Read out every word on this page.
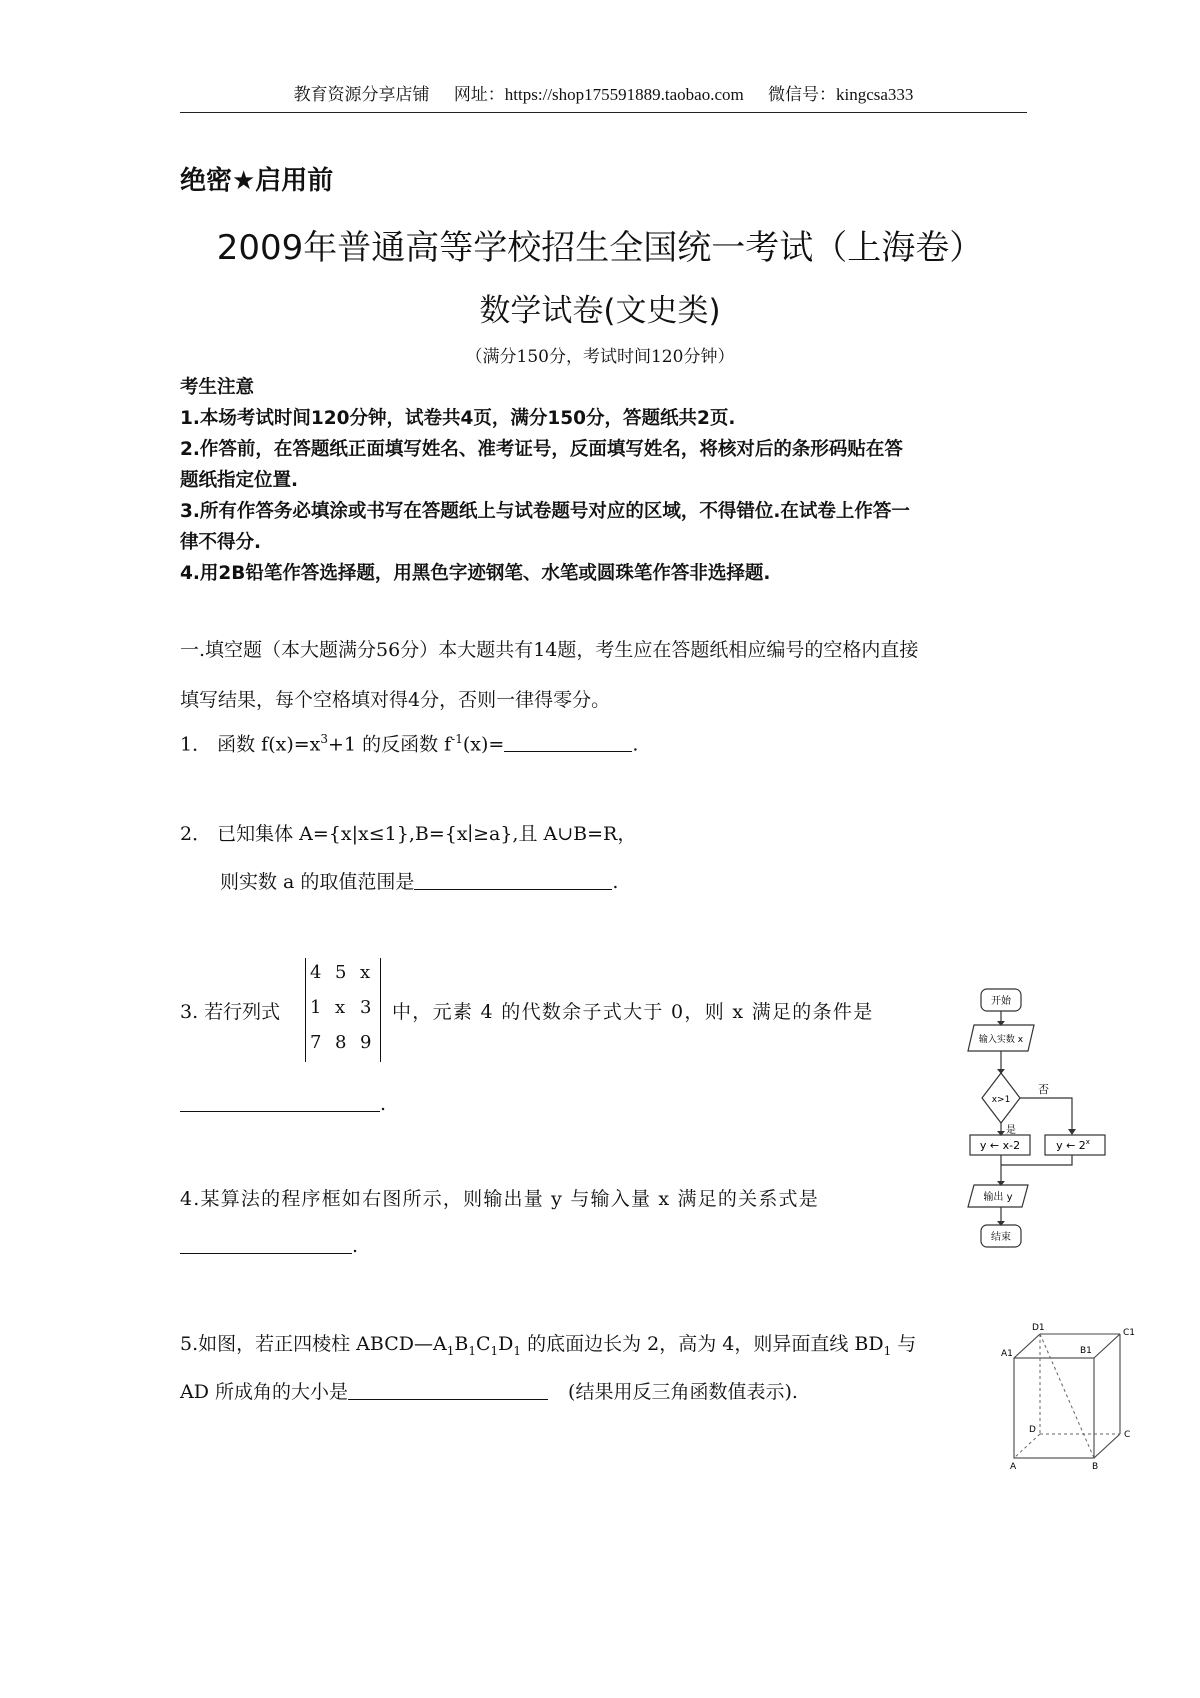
教育资源分享店铺 网址：https://shop175591889.taobao.com 微信号：kingcsa333
绝密★启用前
2009年普通高等学校招生全国统一考试（上海卷）
数学试卷(文史类)
（满分150分，考试时间120分钟）
考生注意
1.本场考试时间120分钟，试卷共4页，满分150分，答题纸共2页.
2.作答前，在答题纸正面填写姓名、准考证号，反面填写姓名，将核对后的条形码贴在答
题纸指定位置.
3.所有作答务必填涂或书写在答题纸上与试卷题号对应的区域，不得错位.在试卷上作答一
律不得分.
4.用2B铅笔作答选择题，用黑色字迹钢笔、水笔或圆珠笔作答非选择题.
一.填空题（本大题满分56分）本大题共有14题，考生应在答题纸相应编号的空格内直接
填写结果，每个空格填对得4分，否则一律得零分。
1． 函数 $f(x)=x^3+1$ 的反函数 $f^{-1}(x)=$	.
2． 已知集体 A={x|x≤1},B={x∣≥a},且 A∪B=R，
则实数 a 的取值范围是	.
3. 若行列式
4 5 x
1 x 3
7 8 9
中，元素 4 的代数余子式大于 0，则 x 满足的条件是
.
4.某算法的程序框如右图所示，则输出量 y 与输入量 x 满足的关系式是
.
开始
输入实数 x
x>1
否
是
y ← x-2	y ← 2$^x$
输出 y
结束
5.如图，若正四棱柱 $ABCD—A_1B_1C_1D_1$ 的底面边长为 2，高为 4，则异面直线 $BD_1$ 与
AD 所成角的大小是	(结果用反三角函数值表示).
D1	C1
A1	B1
D	C
A	B
